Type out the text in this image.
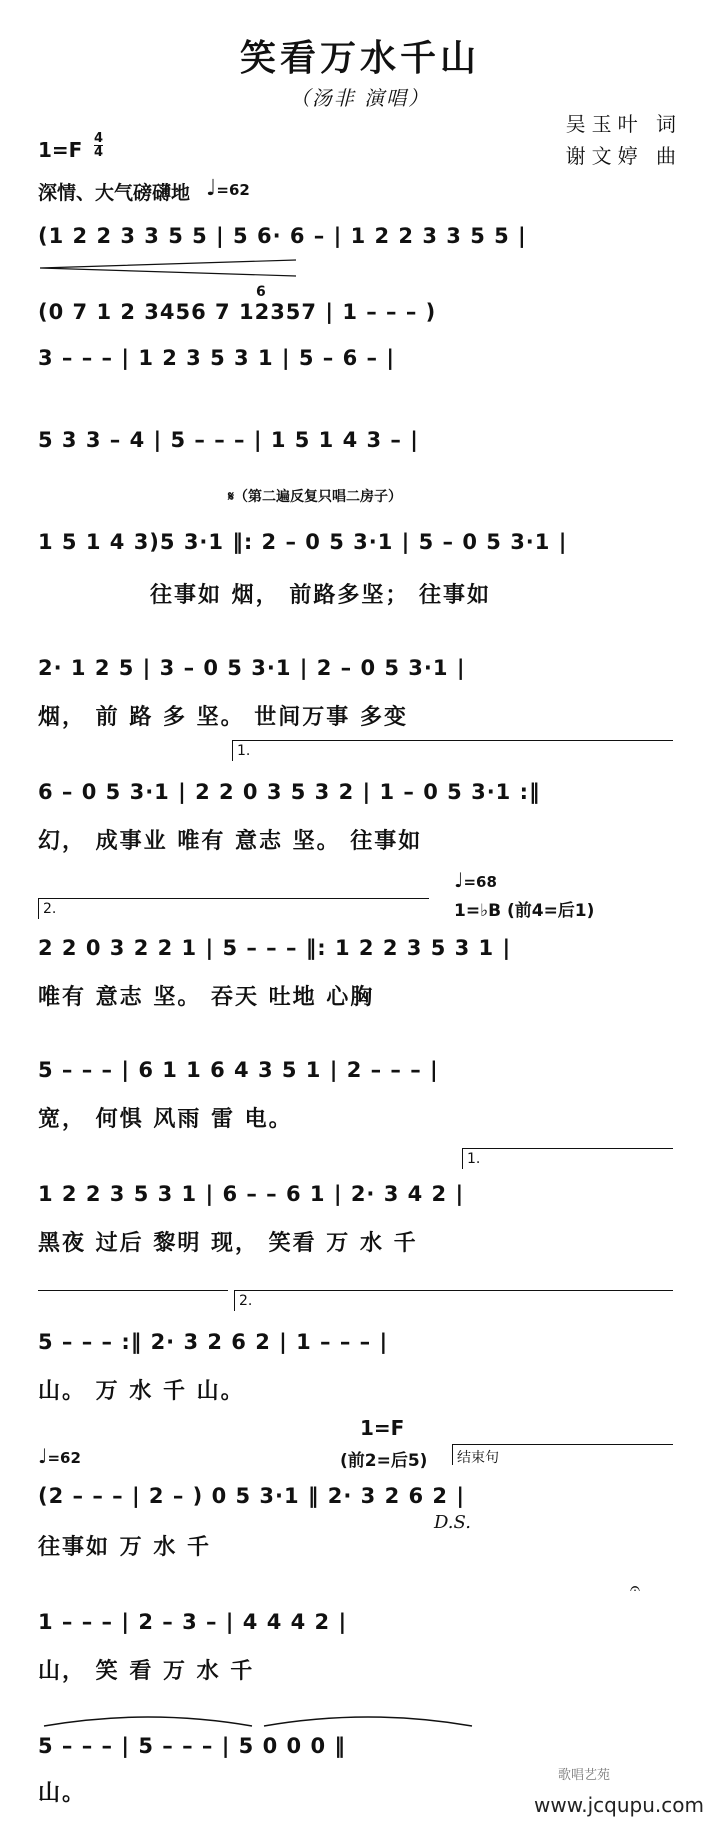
笑看万水千山
（汤非 演唱）
吴玉叶 词
谢文婷 曲
1=F 4
4
深情、大气磅礴地 ♩=62
(1 2 2 3 3 5 5 | 5 6· 6 – | 1 2 2 3 3 5 5 |
6
(0 7 1 2 3456 7 12357 | 1 – – – )
3 – – – | 1 2 3 5 3 1 | 5 – 6 – |
5 3 3 – 4 | 5 – – – | 1 5 1 4 3 – |
𝄋（第二遍反复只唱二房子）
1 5 1 4 3)5 3·1 ‖: 2 – 0 5 3·1 | 5 – 0 5 3·1 |
往事如 烟， 前路多坚； 往事如
2· 1 2 5 | 3 – 0 5 3·1 | 2 – 0 5 3·1 |
烟， 前 路 多 坚。 世间万事 多变
1.
6 – 0 5 3·1 | 2 2 0 3 5 3 2 | 1 – 0 5 3·1 :‖
幻， 成事业 唯有 意志 坚。 往事如
2.
♩=68
1=♭B (前4=后1)
2 2 0 3 2 2 1 | 5 – – – ‖: 1 2 2 3 5 3 1 |
唯有 意志 坚。 吞天 吐地 心胸
5 – – – | 6 1 1 6 4 3 5 1 | 2 – – – |
宽， 何惧 风雨 雷 电。
1.
1 2 2 3 5 3 1 | 6 – – 6 1 | 2· 3 4 2 |
黑夜 过后 黎明 现， 笑看 万 水 千
2.
5 – – – :‖ 2· 3 2 6 2 | 1 – – – |
山。 万 水 千 山。
1=F
(前2=后5) 结束句
♩=62
(2 – – – | 2 – ) 0 5 3·1 ‖ 2· 3 2 6 2 |
D.S.
往事如 万 水 千
𝄐
1 – – – | 2 – 3 – | 4 4 4 2 |
山， 笑 看 万 水 千
5 – – – | 5 – – – | 5 0 0 0 ‖
山。
歌唱艺苑
www.jcqupu.com
